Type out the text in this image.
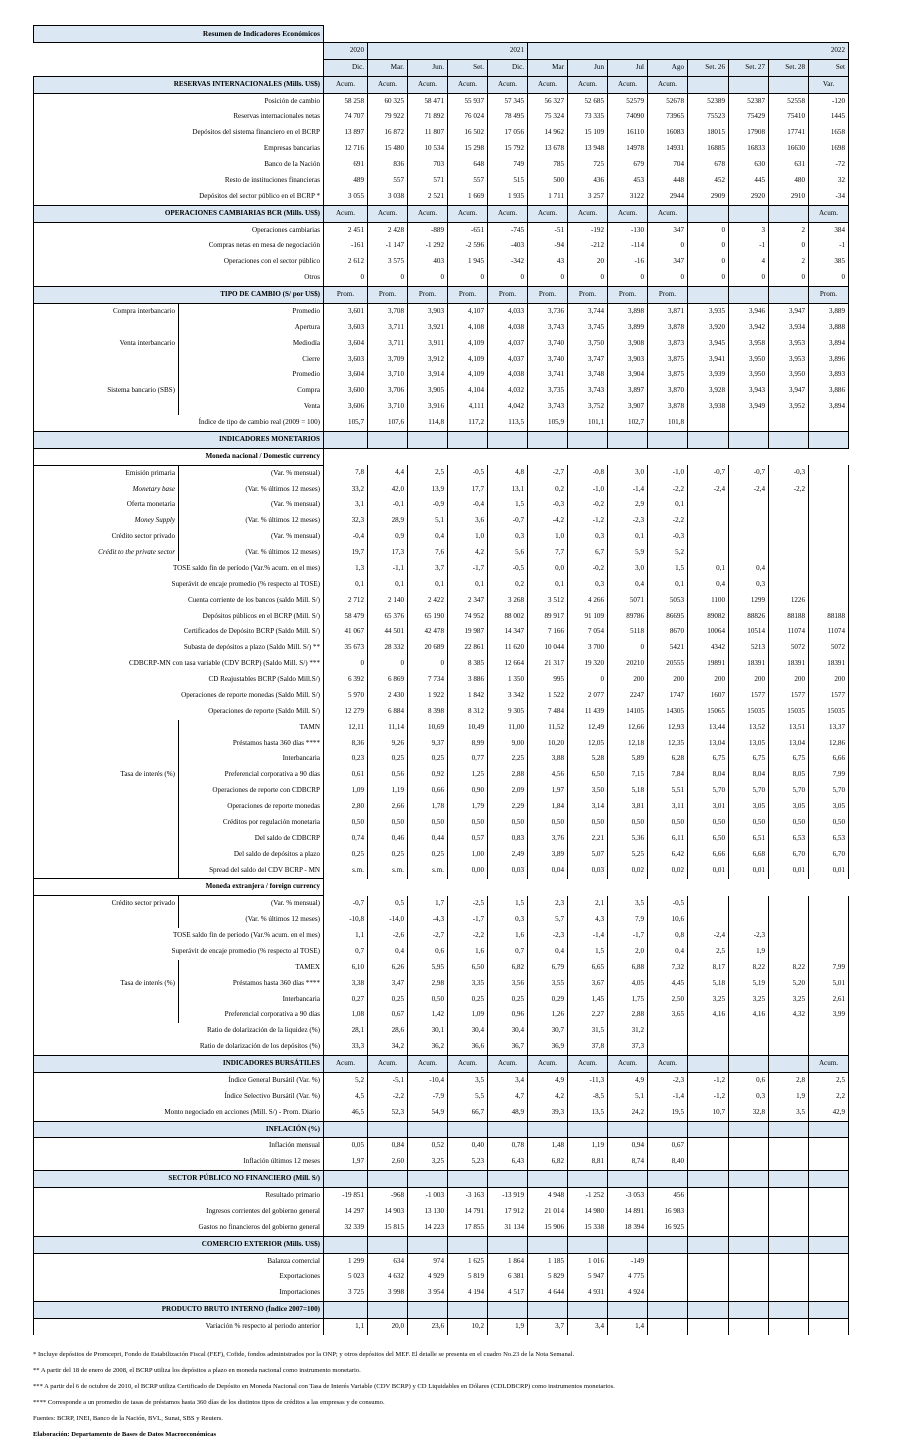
Resumen de Indicadores Económicos														
		2020	2021				2022							
		Dic.	Mar.	Jun.	Set.	Dic.	Mar	Jun	Jul	Ago	Set. 26	Set. 27	Set. 28	Set
RESERVAS INTERNACIONALES (Mills. US$)		Acum.	Acum.	Acum.	Acum.	Acum.	Acum.	Acum.	Acum.	Acum.				Var.
Posición de cambio		58 258	60 325	58 471	55 937	57 345	56 327	52 685	52579	52678	52389	52387	52558	-120
Reservas internacionales netas		74 707	79 922	71 892	76 024	78 495	75 324	73 335	74090	73965	75523	75429	75410	1445
Depósitos del sistema financiero en el BCRP		13 897	16 872	11 807	16 502	17 056	14 962	15 109	16110	16083	18015	17908	17741	1658
Empresas bancarias		12 716	15 480	10 534	15 298	15 792	13 678	13 948	14978	14931	16885	16833	16630	1698
Banco de la Nación		691	836	703	648	749	785	725	679	704	678	630	631	-72
Resto de instituciones financieras		489	557	571	557	515	500	436	453	448	452	445	480	32
Depósitos del sector público en el BCRP *		3 055	3 038	2 521	1 669	1 935	1 711	3 257	3122	2944	2909	2920	2910	-34
OPERACIONES CAMBIARIAS BCR (Mills. US$)		Acum.	Acum.	Acum.	Acum.	Acum.	Acum.	Acum.	Acum.	Acum.				Acum.
Operaciones cambiarias		2 451	2 428	-889	-651	-745	-51	-192	-130	347	0	3	2	384
Compras netas en mesa de negociación		-161	-1 147	-1 292	-2 596	-403	-94	-212	-114	0	0	-1	0	-1
Operaciones con el sector público		2 612	3 575	403	1 945	-342	43	20	-16	347	0	4	2	385
Otros		0	0	0	0	0	0	0	0	0	0	0	0	0
TIPO DE CAMBIO (S/ por US$)		Prom.	Prom.	Prom.	Prom.	Prom.	Prom.	Prom.	Prom.	Prom.				Prom.
Compra interbancario	Promedio	3,601	3,708	3,903	4,107	4,033	3,736	3,744	3,898	3,871	3,935	3,946	3,947	3,889
	Apertura	3,603	3,711	3,921	4,108	4,038	3,743	3,745	3,899	3,878	3,920	3,942	3,934	3,888
Venta interbancario	Mediodía	3,604	3,711	3,911	4,109	4,037	3,740	3,750	3,908	3,873	3,945	3,958	3,953	3,894
	Cierre	3,603	3,709	3,912	4,109	4,037	3,740	3,747	3,903	3,875	3,941	3,950	3,953	3,896
	Promedio	3,604	3,710	3,914	4,109	4,038	3,741	3,748	3,904	3,875	3,939	3,950	3,950	3,893
Sistema bancario (SBS)	Compra	3,600	3,706	3,905	4,104	4,032	3,735	3,743	3,897	3,870	3,928	3,943	3,947	3,886
	Venta	3,606	3,710	3,916	4,111	4,042	3,743	3,752	3,907	3,878	3,938	3,949	3,952	3,894
Índice de tipo de cambio real (2009 = 100)		105,7	107,6	114,8	117,2	113,5	105,9	101,1	102,7	101,8				
INDICADORES MONETARIOS														
Moneda nacional / Domestic currency														
Emisión primaria	(Var. % mensual)	7,8	4,4	2,5	-0,5	4,8	-2,7	-0,8	3,0	-1,0	-0,7	-0,7	-0,3	
Monetary base	(Var. % últimos 12 meses)	33,2	42,0	13,9	17,7	13,1	0,2	-1,0	-1,4	-2,2	-2,4	-2,4	-2,2	
Oferta monetaria	(Var. % mensual)	3,1	-0,1	-0,9	-0,4	1,5	-0,3	-0,2	2,9	0,1				
Money Supply	(Var. % últimos 12 meses)	32,3	28,9	5,1	3,6	-0,7	-4,2	-1,2	-2,3	-2,2				
Crédito sector privado	(Var. % mensual)	-0,4	0,9	0,4	1,0	0,3	1,0	0,3	0,1	-0,3				
Crédit to the private sector	(Var. % últimos 12 meses)	19,7	17,3	7,6	4,2	5,6	7,7	6,7	5,9	5,2				
TOSE saldo fin de período (Var.% acum. en el mes)		1,3	-1,1	3,7	-1,7	-0,5	0,0	-0,2	3,0	1,5	0,1	0,4		
Superávit de encaje promedio (% respecto al TOSE)		0,1	0,1	0,1	0,1	0,2	0,1	0,3	0,4	0,1	0,4	0,3		
Cuenta corriente de los bancos (saldo Mill. S/)		2 712	2 140	2 422	2 347	3 268	3 512	4 266	5071	5053	1100	1299	1226	
Depósitos públicos en el BCRP (Mill. S/)		58 479	65 376	65 190	74 952	88 002	89 917	91 109	89786	86695	89082	88826	88188	88188
Certificados de Depósito BCRP (Saldo Mill. S/)		41 067	44 501	42 478	19 987	14 347	7 166	7 054	5118	8670	10064	10514	11074	11074
Subasta de depósitos a plazo (Saldo Mill. S/) **		35 673	28 332	20 689	22 861	11 620	10 044	3 700	0	5421	4342	5213	5072	5072
CDBCRP-MN con tasa variable (CDV BCRP) (Saldo Mill. S/) ***		0	0	0	8 385	12 664	21 317	19 320	20210	20555	19891	18391	18391	18391
CD Reajustables BCRP (Saldo Mill.S/)		6 392	6 869	7 734	3 886	1 350	995	0	200	200	200	200	200	200
Operaciones de reporte monedas (Saldo Mill. S/)		5 970	2 430	1 922	1 842	3 342	1 522	2 077	2247	1747	1607	1577	1577	1577
Operaciones de reporte (Saldo Mill. S/)		12 279	6 884	8 398	8 312	9 305	7 484	11 439	14105	14305	15065	15035	15035	15035
	TAMN	12,11	11,14	10,69	10,49	11,00	11,52	12,49	12,66	12,93	13,44	13,52	13,51	13,37
	Préstamos hasta 360 días ****	8,36	9,26	9,37	8,99	9,00	10,20	12,05	12,18	12,35	13,04	13,05	13,04	12,86
	Interbancaria	0,23	0,25	0,25	0,77	2,25	3,88	5,28	5,89	6,28	6,75	6,75	6,75	6,66
Tasa de interés (%)	Preferencial corporativa a 90 días	0,61	0,56	0,92	1,25	2,88	4,56	6,50	7,15	7,84	8,04	8,04	8,05	7,99
	Operaciones de reporte con CDBCRP	1,09	1,19	0,66	0,90	2,09	1,97	3,50	5,18	5,51	5,70	5,70	5,70	5,70
	Operaciones de reporte monedas	2,80	2,66	1,78	1,79	2,29	1,84	3,14	3,81	3,11	3,01	3,05	3,05	3,05
	Créditos por regulación monetaria	0,50	0,50	0,50	0,50	0,50	0,50	0,50	0,50	0,50	0,50	0,50	0,50	0,50
	Del saldo de CDBCRP	0,74	0,46	0,44	0,57	0,83	3,76	2,21	5,36	6,11	6,50	6,51	6,53	6,53
	Del saldo de depósitos a plazo	0,25	0,25	0,25	1,00	2,49	3,89	5,07	5,25	6,42	6,66	6,68	6,70	6,70
	Spread del saldo del CDV BCRP - MN	s.m.	s.m.	s.m.	0,00	0,03	0,04	0,03	0,02	0,02	0,01	0,01	0,01	0,01
Moneda extranjera / foreign currency														
Crédito sector privado	(Var. % mensual)	-0,7	0,5	1,7	-2,5	1,5	2,3	2,1	3,5	-0,5				
	(Var. % últimos 12 meses)	-10,8	-14,0	-4,3	-1,7	0,3	5,7	4,3	7,9	10,6				
TOSE saldo fin de período (Var.% acum. en el mes)		1,1	-2,6	-2,7	-2,2	1,6	-2,3	-1,4	-1,7	0,8	-2,4	-2,3		
Superávit de encaje promedio (% respecto al TOSE)		0,7	0,4	0,6	1,6	0,7	0,4	1,5	2,0	0,4	2,5	1,9		
	TAMEX	6,10	6,26	5,95	6,50	6,82	6,79	6,65	6,88	7,32	8,17	8,22	8,22	7,99
Tasa de interés (%)	Préstamos hasta 360 días ****	3,38	3,47	2,98	3,35	3,56	3,55	3,67	4,05	4,45	5,18	5,19	5,20	5,01
	Interbancaria	0,27	0,25	0,50	0,25	0,25	0,29	1,45	1,75	2,50	3,25	3,25	3,25	2,61
	Preferencial corporativa a 90 días	1,08	0,67	1,42	1,09	0,96	1,26	2,27	2,88	3,65	4,16	4,16	4,32	3,99
Ratio de dolarización de la liquidez (%)		28,1	28,6	30,1	30,4	30,4	30,7	31,5	31,2					
Ratio de dolarización de los depósitos (%)		33,3	34,2	36,2	36,6	36,7	36,9	37,8	37,3					
INDICADORES BURSÁTILES		Acum.	Acum.	Acum.	Acum.	Acum.	Acum.	Acum.	Acum.	Acum.				Acum.
Índice General Bursátil (Var. %)		5,2	-5,1	-10,4	3,5	3,4	4,9	-11,3	4,9	-2,3	-1,2	0,6	2,8	2,5
Índice Selectivo Bursátil (Var. %)		4,5	-2,2	-7,9	5,5	4,7	4,2	-8,5	5,1	-1,4	-1,2	0,3	1,9	2,2
Monto negociado en acciones (Mill. S/) - Prom. Diario		46,5	52,3	54,9	66,7	48,9	39,3	13,5	24,2	19,5	10,7	32,8	3,5	42,9
INFLACIÓN (%)														
Inflación mensual		0,05	0,84	0,52	0,40	0,78	1,48	1,19	0,94	0,67				
Inflación últimos 12 meses		1,97	2,60	3,25	5,23	6,43	6,82	8,81	8,74	8,40				
SECTOR PÚBLICO NO FINANCIERO (Mill. S/)														
Resultado primario		-19 851	-968	-1 003	-3 163	-13 919	4 948	-1 252	-3 053	456				
Ingresos corrientes del gobierno general		14 297	14 903	13 130	14 791	17 912	21 014	14 980	14 891	16 983				
Gastos no financieros del gobierno general		32 339	15 815	14 223	17 855	31 134	15 906	15 338	18 394	16 925				
COMERCIO EXTERIOR (Mills. US$)														
Balanza comercial		1 299	634	974	1 625	1 864	1 185	1 016	-149					
Exportaciones		5 023	4 632	4 929	5 819	6 381	5 829	5 947	4 775					
Importaciones		3 725	3 998	3 954	4 194	4 517	4 644	4 931	4 924					
PRODUCTO BRUTO INTERNO (Índice 2007=100)														
Variación % respecto al periodo anterior		1,1	20,0	23,6	10,2	1,9	3,7	3,4	1,4					
* Incluye depósitos de Promcepri, Fondo de Estabilización Fiscal (FEF), Cofide, fondos administrados por la ONP; y otros depósitos del MEF. El detalle se presenta en el cuadro No.23 de la Nota Semanal.
** A partir del 18 de enero de 2008, el BCRP utiliza los depósitos a plazo en moneda nacional como instrumento monetario.
*** A partir del 6 de octubre de 2010, el BCRP utiliza Certificado de Depósito en Moneda Nacional con Tasa de Interés Variable (CDV BCRP) y CD Liquidables en Dólares (CDLDBCRP) como instrumentos monetarios.
**** Corresponde a un promedio de tasas de préstamos hasta 360 días de los distintos tipos de créditos a las empresas y de consumo.
Fuentes: BCRP, INEI, Banco de la Nación, BVL, Sunat, SBS y Reuters.
Elaboración: Departamento de Bases de Datos Macroeconómicas
